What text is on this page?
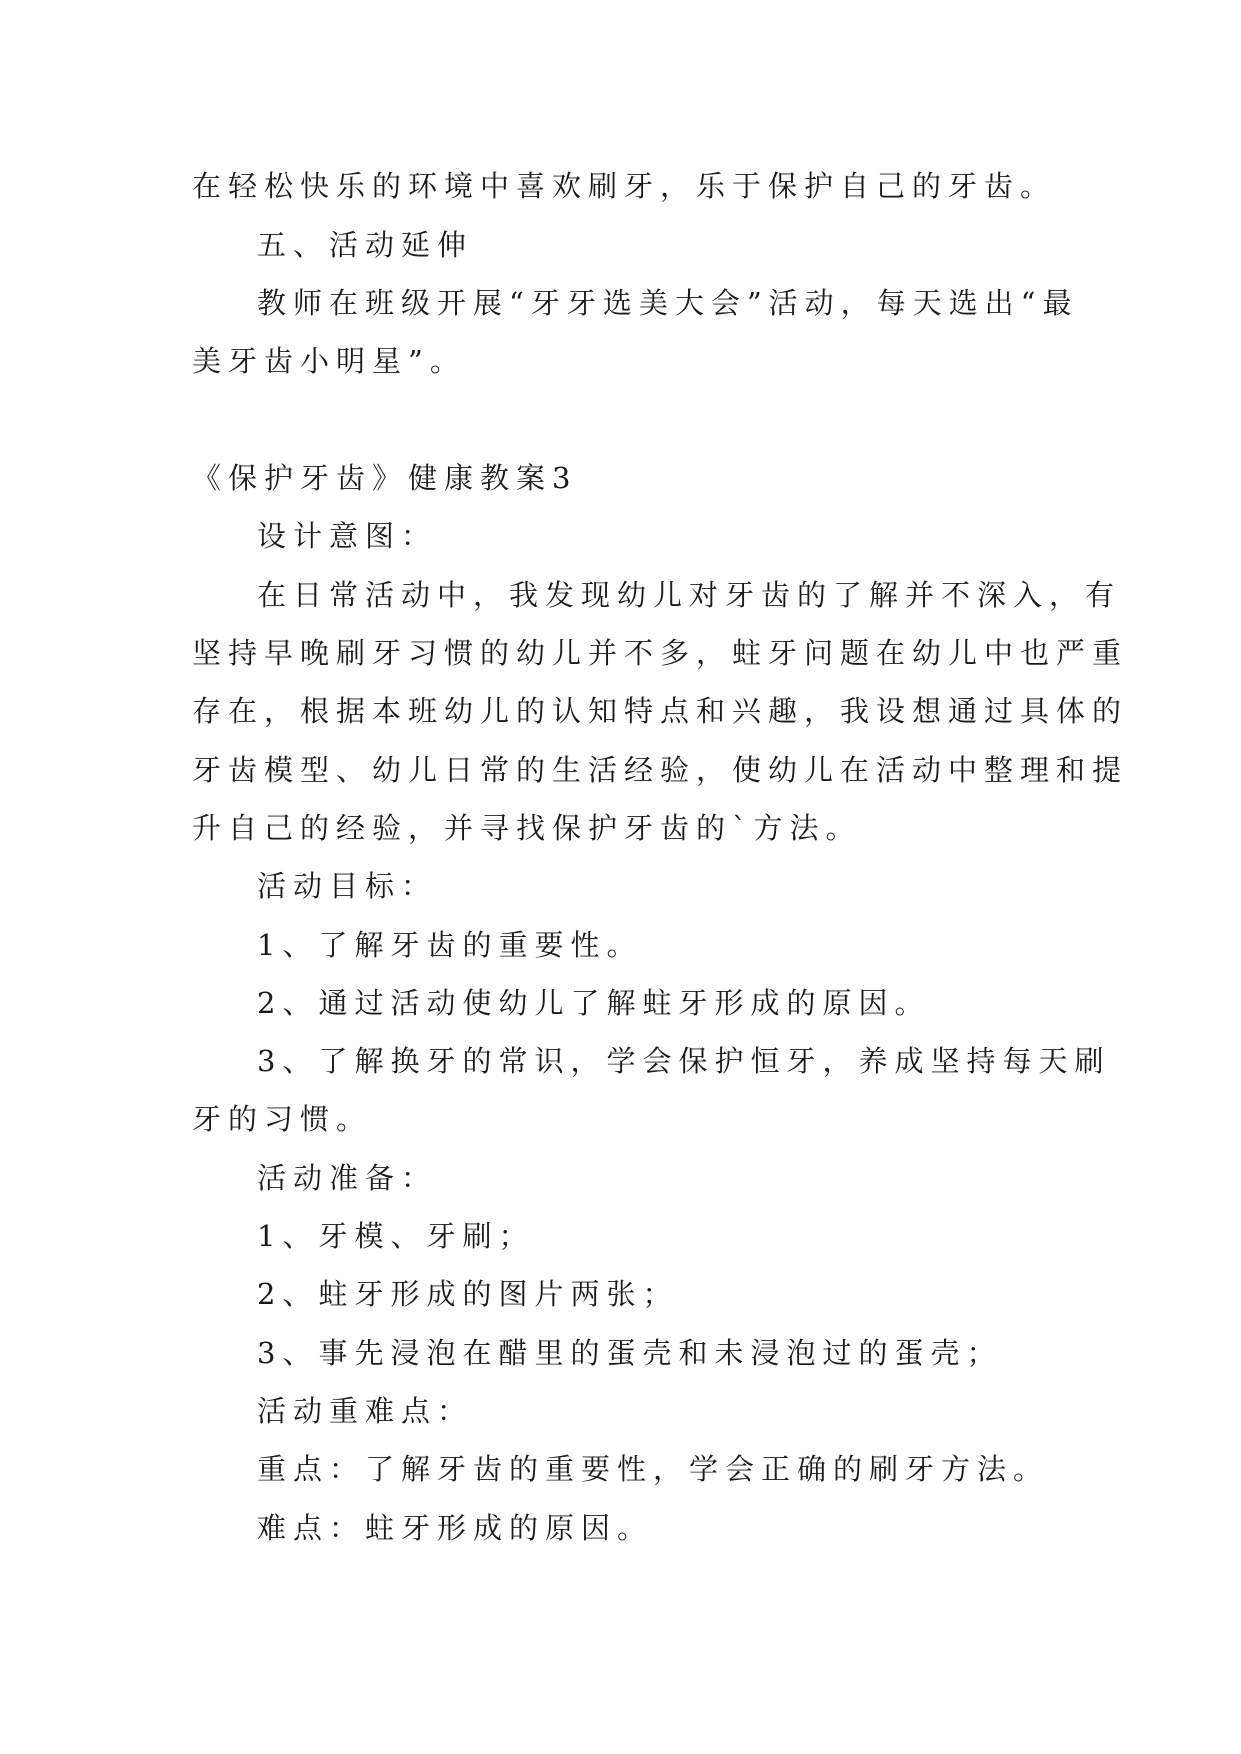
在轻松快乐的环境中喜欢刷牙，乐于保护自己的牙齿。

五、活动延伸

教师在班级开展“牙牙选美大会”活动，每天选出“最

美牙齿小明星”。

《保护牙齿》健康教案3

设计意图：

在日常活动中，我发现幼儿对牙齿的了解并不深入，有

坚持早晚刷牙习惯的幼儿并不多，蛀牙问题在幼儿中也严重

存在，根据本班幼儿的认知特点和兴趣，我设想通过具体的

牙齿模型、幼儿日常的生活经验，使幼儿在活动中整理和提

升自己的经验，并寻找保护牙齿的`方法。

活动目标：

1、了解牙齿的重要性。

2、通过活动使幼儿了解蛀牙形成的原因。

3、了解换牙的常识，学会保护恒牙，养成坚持每天刷

牙的习惯。

活动准备：

1、牙模、牙刷；

2、蛀牙形成的图片两张；

3、事先浸泡在醋里的蛋壳和未浸泡过的蛋壳；

活动重难点：

重点：了解牙齿的重要性，学会正确的刷牙方法。

难点：蛀牙形成的原因。
